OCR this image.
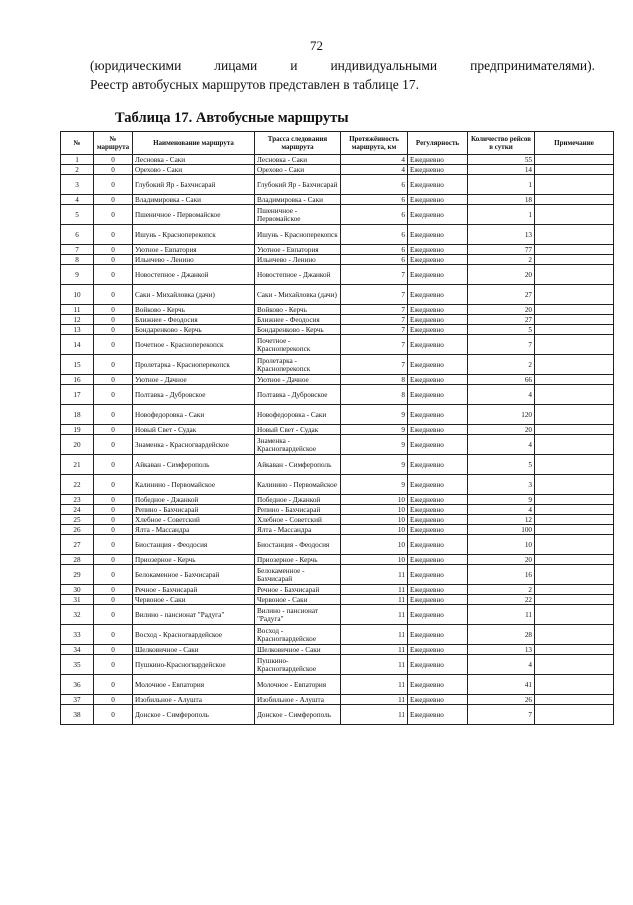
72
(юридическими лицами и индивидуальными предпринимателями).
Реестр автобусных маршрутов представлен в таблице 17.
Таблица 17. Автобусные маршруты
№	№ маршрута	Наименование маршрута	Трасса следования маршрута	Протяжённость маршрута, км	Регулярность	Количество рейсов в сутки	Примечание
1	0	Лесновка - Саки	Лесновка - Саки	4	Ежедневно	55	
2	0	Орехово - Саки	Орехово - Саки	4	Ежедневно	14	
3	0	Глубокий Яр - Бахчисарай	Глубокий Яр - Бахчисарай	6	Ежедневно	1	
4	0	Владимировка - Саки	Владимировка - Саки	6	Ежедневно	18	
5	0	Пшеничное - Первомайское	Пшеничное - Первомайское	6	Ежедневно	1	
6	0	Ишунь - Красноперекопск	Ишунь - Красноперекопск	6	Ежедневно	13	
7	0	Уютное - Евпатория	Уютное - Евпатория	6	Ежедневно	77	
8	0	Ильичево - Ленино	Ильичево - Ленино	6	Ежедневно	2	
9	0	Новостепное - Джанкой	Новостепное - Джанкой	7	Ежедневно	20	
10	0	Саки - Михайловка (дачи)	Саки - Михайловка (дачи)	7	Ежедневно	27	
11	0	Войково - Керчь	Войково - Керчь	7	Ежедневно	20	
12	0	Ближнее - Феодосия	Ближнее - Феодосия	7	Ежедневно	27	
13	0	Бондаренково - Керчь	Бондаренково - Керчь	7	Ежедневно	5	
14	0	Почетное - Красноперекопск	Почетное - Красноперекопск	7	Ежедневно	7	
15	0	Пролетарка - Красноперекопск	Пролетарка - Красноперекопск	7	Ежедневно	2	
16	0	Уютное - Дачное	Уютное - Дачное	8	Ежедневно	66	
17	0	Полтавка - Дубровское	Полтавка - Дубровское	8	Ежедневно	4	
18	0	Новофедоровка - Саки	Новофедоровка - Саки	9	Ежедневно	120	
19	0	Новый Свет - Судак	Новый Свет - Судак	9	Ежедневно	20	
20	0	Знаменка - Красногвардейское	Знаменка - Красногвардейское	9	Ежедневно	4	
21	0	Айкаван - Симферополь	Айкаван - Симферополь	9	Ежедневно	5	
22	0	Калинино - Первомайское	Калинино - Первомайское	9	Ежедневно	3	
23	0	Победное - Джанкой	Победное - Джанкой	10	Ежедневно	9	
24	0	Репино - Бахчисарай	Репино - Бахчисарай	10	Ежедневно	4	
25	0	Хлебное - Советский	Хлебное - Советский	10	Ежедневно	12	
26	0	Ялта - Массандра	Ялта - Массандра	10	Ежедневно	100	
27	0	Биостанция - Феодосия	Биостанция - Феодосия	10	Ежедневно	10	
28	0	Приозерное - Керчь	Приозерное - Керчь	10	Ежедневно	20	
29	0	Белокаменное - Бахчисарай	Белокаменное - Бахчисарай	11	Ежедневно	16	
30	0	Речное - Бахчисарай	Речное - Бахчисарай	11	Ежедневно	2	
31	0	Червоное - Саки	Червоное - Саки	11	Ежедневно	22	
32	0	Вилино - пансионат "Радуга"	Вилино - пансионат "Радуга"	11	Ежедневно	11	
33	0	Восход - Красногвардейское	Восход - Красногвардейское	11	Ежедневно	28	
34	0	Шелковичное - Саки	Шелковичное - Саки	11	Ежедневно	13	
35	0	Пушкино-Красногвардейское	Пушкино-Красногвардейское	11	Ежедневно	4	
36	0	Молочное - Евпатория	Молочное - Евпатория	11	Ежедневно	41	
37	0	Изобильное - Алушта	Изобильное - Алушта	11	Ежедневно	26	
38	0	Донское - Симферополь	Донское - Симферополь	11	Ежедневно	7	
